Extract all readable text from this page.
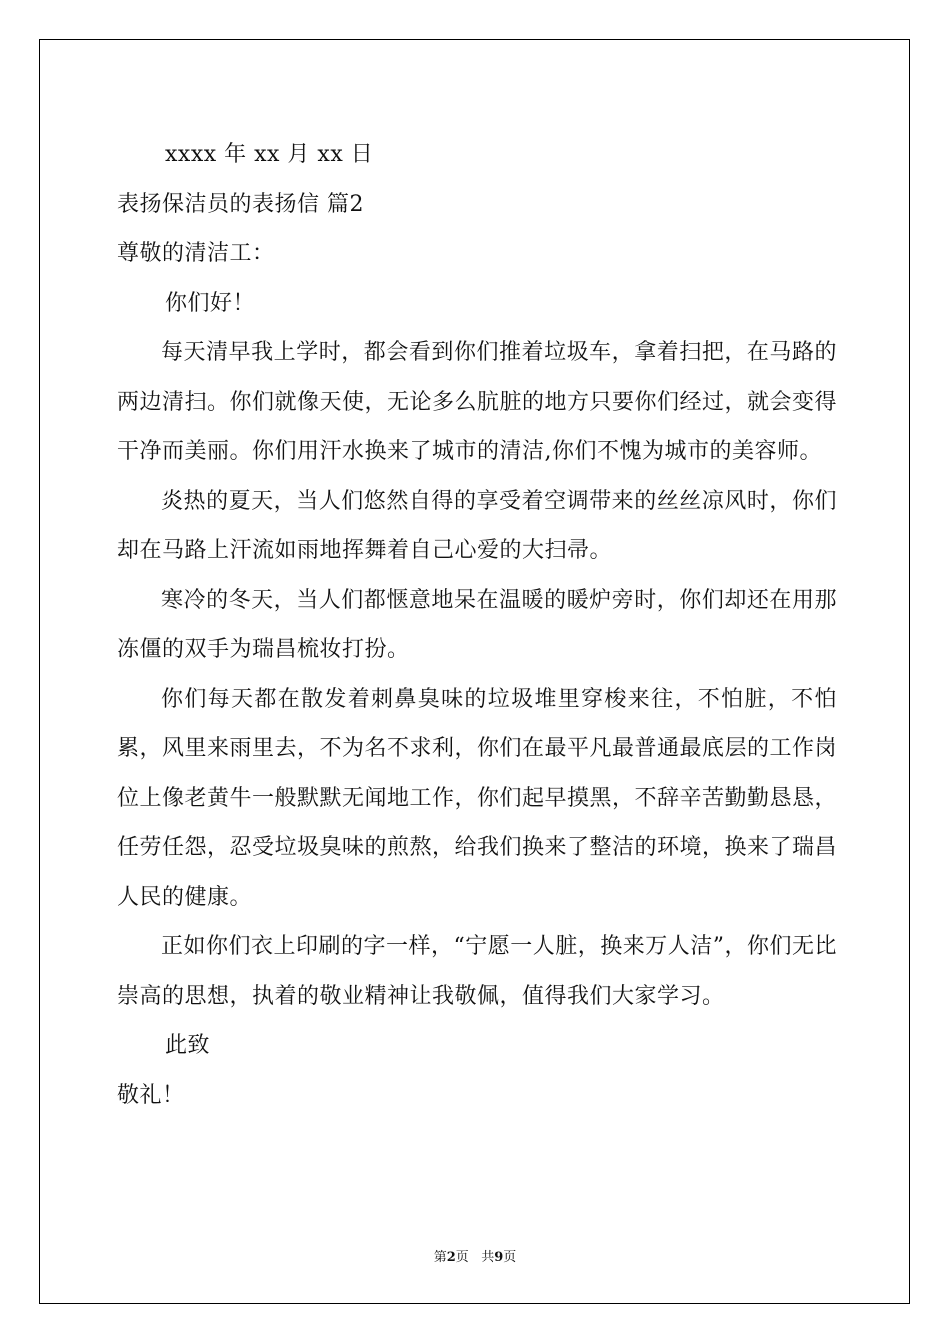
xxxx 年 xx 月 xx 日
表扬保洁员的表扬信 篇2
尊敬的清洁工：
你们好！

每天清早我上学时，都会看到你们推着垃圾车，拿着扫把，在马路的两边清扫。你们就像天使，无论多么肮脏的地方只要你们经过，就会变得干净而美丽。你们用汗水换来了城市的清洁,你们不愧为城市的美容师。

炎热的夏天，当人们悠然自得的享受着空调带来的丝丝凉风时，你们却在马路上汗流如雨地挥舞着自己心爱的大扫帚。

寒冷的冬天，当人们都惬意地呆在温暖的暖炉旁时，你们却还在用那冻僵的双手为瑞昌梳妆打扮。

你们每天都在散发着刺鼻臭味的垃圾堆里穿梭来往，不怕脏，不怕累，风里来雨里去，不为名不求利，你们在最平凡最普通最底层的工作岗位上像老黄牛一般默默无闻地工作，你们起早摸黑，不辞辛苦勤勤恳恳，任劳任怨，忍受垃圾臭味的煎熬，给我们换来了整洁的环境，换来了瑞昌人民的健康。

正如你们衣上印刷的字一样，“宁愿一人脏，换来万人洁”，你们无比崇高的思想，执着的敬业精神让我敬佩，值得我们大家学习。

此致
敬礼！
第2页 共9页
